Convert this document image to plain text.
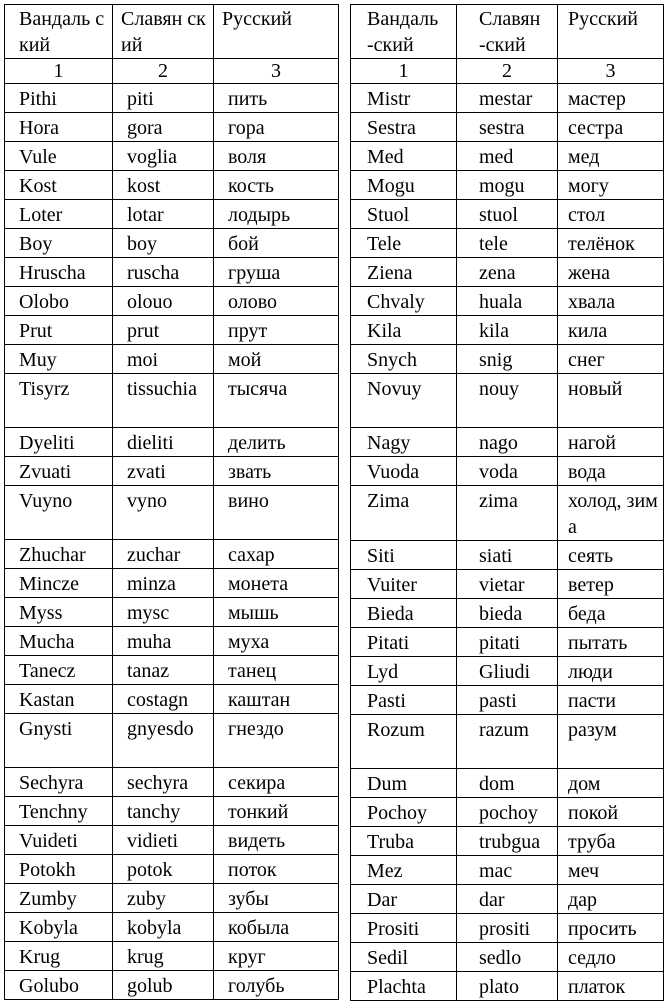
Вандаль ский	Славян ский	Русский
1	2	3
Pithi	piti	пить
Hora	gora	гора
Vule	voglia	воля
Kost	kost	кость
Loter	lotar	лодырь
Boy	boy	бой
Hruscha	ruscha	груша
Olobo	olouo	олово
Prut	prut	прут
Muy	moi	мой
Tisyrz	tissuchia	тысяча
Dyeliti	dieliti	делить
Zvuati	zvati	звать
Vuyno	vyno	вино
Zhuchar	zuchar	сахар
Mincze	minza	монета
Myss	mysc	мышь
Mucha	muha	муха
Tanecz	tanaz	танец
Kastan	costagn	каштан
Gnysti	gnyesdo	гнездо
Sechyra	sechyra	секира
Tenchny	tanchy	тонкий
Vuideti	vidieti	видеть
Potokh	potok	поток
Zumby	zuby	зубы
Kobyla	kobyla	кобыла
Krug	krug	круг
Golubo	golub	голубь
Вандаль -ский	Славян -ский	Русский
1	2	3
Mistr	mestar	мастер
Sestra	sestra	сестра
Med	med	мед
Mogu	mogu	могу
Stuol	stuol	стол
Tele	tele	телёнок
Ziena	zena	жена
Chvaly	huala	хвала
Kila	kila	кила
Snych	snig	снег
Novuy	nouy	новый
Nagy	nago	нагой
Vuoda	voda	вода
Zima	zima	холод, зима
Siti	siati	сеять
Vuiter	vietar	ветер
Bieda	bieda	беда
Pitati	pitati	пытать
Lyd	Gliudi	люди
Pasti	pasti	пасти
Rozum	razum	разум
Dum	dom	дом
Pochoy	pochoy	покой
Truba	trubgua	труба
Mez	mac	меч
Dar	dar	дар
Prositi	prositi	просить
Sedil	sedlo	седло
Plachta	plato	платок
